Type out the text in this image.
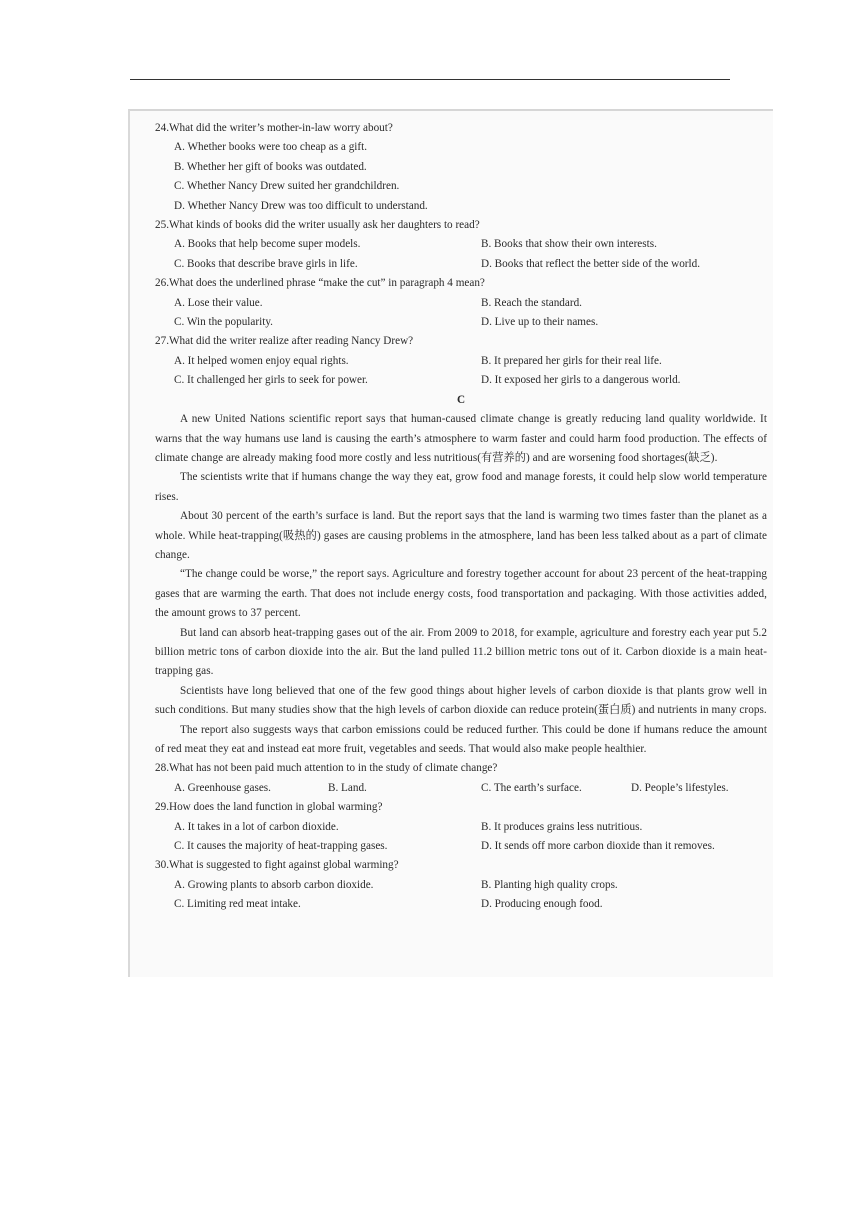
24.What did the writer’s mother-in-law worry about?

A. Whether books were too cheap as a gift.
B. Whether her gift of books was outdated.
C. Whether Nancy Drew suited her grandchildren.
D. Whether Nancy Drew was too difficult to understand.

25.What kinds of books did the writer usually ask her daughters to read?

A. Books that help become super models.	B. Books that show their own interests.
C. Books that describe brave girls in life.	D. Books that reflect the better side of the world.

26.What does the underlined phrase “make the cut” in paragraph 4 mean?

A. Lose their value.	B. Reach the standard.
C. Win the popularity.	D. Live up to their names.

27.What did the writer realize after reading Nancy Drew?

A. It helped women enjoy equal rights.	B. It prepared her girls for their real life.
C. It challenged her girls to seek for power.	D. It exposed her girls to a dangerous world.

C

A new United Nations scientific report says that human-caused climate change is greatly reducing land quality worldwide. It warns that the way humans use land is causing the earth’s atmosphere to warm faster and could harm food production. The effects of climate change are already making food more costly and less nutritious(有营养的) and are worsening food shortages(缺乏).

The scientists write that if humans change the way they eat, grow food and manage forests, it could help slow world temperature rises.

About 30 percent of the earth’s surface is land. But the report says that the land is warming two times faster than the planet as a whole. While heat-trapping(吸热的) gases are causing problems in the atmosphere, land has been less talked about as a part of climate change.

“The change could be worse,” the report says. Agriculture and forestry together account for about 23 percent of the heat-trapping gases that are warming the earth. That does not include energy costs, food transportation and packaging. With those activities added, the amount grows to 37 percent.

But land can absorb heat-trapping gases out of the air. From 2009 to 2018, for example, agriculture and forestry each year put 5.2 billion metric tons of carbon dioxide into the air. But the land pulled 11.2 billion metric tons out of it. Carbon dioxide is a main heat-trapping gas.

Scientists have long believed that one of the few good things about higher levels of carbon dioxide is that plants grow well in such conditions. But many studies show that the high levels of carbon dioxide can reduce protein(蛋白质) and nutrients in many crops.

The report also suggests ways that carbon emissions could be reduced further. This could be done if humans reduce the amount of red meat they eat and instead eat more fruit, vegetables and seeds. That would also make people healthier.

28.What has not been paid much attention to in the study of climate change?

A. Greenhouse gases.	B. Land.	C. The earth’s surface.	D. People’s lifestyles.

29.How does the land function in global warming?

A. It takes in a lot of carbon dioxide.	B. It produces grains less nutritious.
C. It causes the majority of heat-trapping gases.	D. It sends off more carbon dioxide than it removes.

30.What is suggested to fight against global warming?

A. Growing plants to absorb carbon dioxide.	B. Planting high quality crops.
C. Limiting red meat intake.	D. Producing enough food.
